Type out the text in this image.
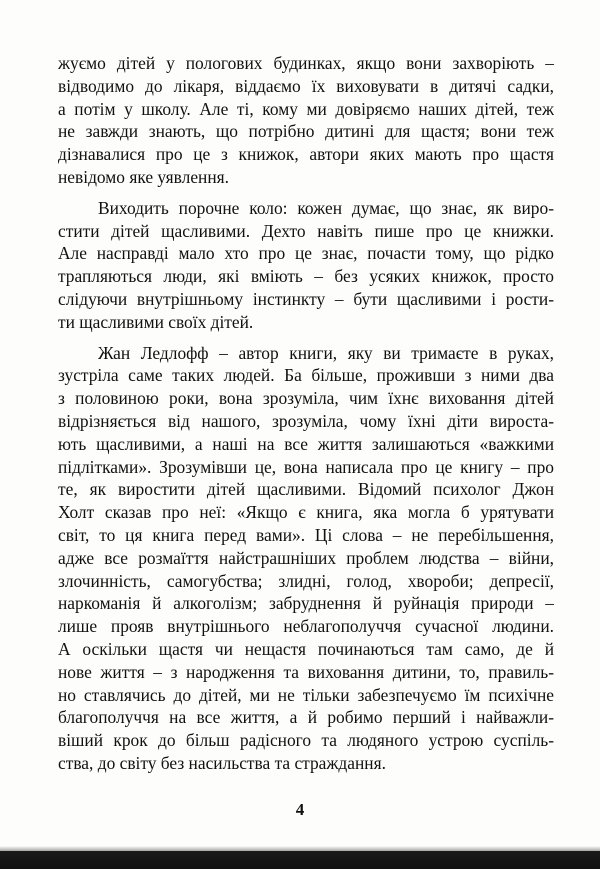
жуємо дітей у пологових будинках, якщо вони захворіють –
відводимо до лікаря, віддаємо їх виховувати в дитячі садки,
а потім у школу. Але ті, кому ми довіряємо наших дітей, теж
не завжди знають, що потрібно дитині для щастя; вони теж
дізнавалися про це з книжок, автори яких мають про щастя
невідомо яке уявлення.
Виходить порочне коло: кожен думає, що знає, як виро-
стити дітей щасливими. Дехто навіть пише про це книжки.
Але насправді мало хто про це знає, почасти тому, що рідко
трапляються люди, які вміють – без усяких книжок, просто
слідуючи внутрішньому інстинкту – бути щасливими і рости-
ти щасливими своїх дітей.
Жан Ледлофф – автор книги, яку ви тримаєте в руках,
зустріла саме таких людей. Ба більше, проживши з ними два
з половиною роки, вона зрозуміла, чим їхнє виховання дітей
відрізняється від нашого, зрозуміла, чому їхні діти вироста-
ють щасливими, а наші на все життя залишаються «важкими
підлітками». Зрозумівши це, вона написала про це книгу – про
те, як виростити дітей щасливими. Відомий психолог Джон
Холт сказав про неї: «Якщо є книга, яка могла б урятувати
світ, то ця книга перед вами». Ці слова – не перебільшення,
адже все розмаїття найстрашніших проблем людства – війни,
злочинність, самогубства; злидні, голод, хвороби; депресії,
наркоманія й алкоголізм; забруднення й руйнація природи –
лише прояв внутрішнього неблагополуччя сучасної людини.
А оскільки щастя чи нещастя починаються там само, де й
нове життя – з народження та виховання дитини, то, правиль-
но ставлячись до дітей, ми не тільки забезпечуємо їм психічне
благополуччя на все життя, а й робимо перший і найважли-
віший крок до більш радісного та людяного устрою суспіль-
ства, до світу без насильства та страждання.
4
